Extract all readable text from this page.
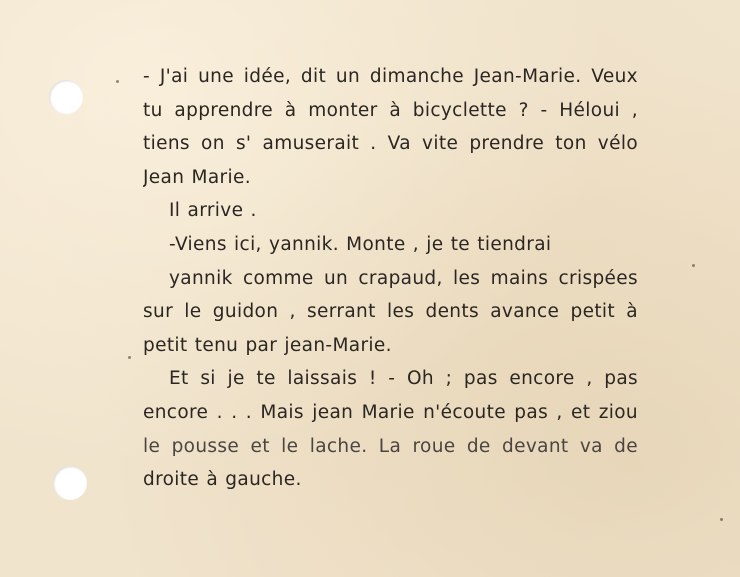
- J'ai une idée, dit un dimanche Jean-Marie. Veux
tu apprendre à monter à bicyclette ? - Héloui ,
tiens on s' amuserait . Va vite prendre ton vélo
Jean Marie.
Il arrive .
-Viens ici, yannik. Monte , je te tiendrai
yannik comme un crapaud, les mains crispées
sur le guidon , serrant les dents avance petit à
petit tenu par jean-Marie.
Et si je te laissais ! - Oh ; pas encore , pas
encore . . . Mais jean Marie n'écoute pas , et ziou
le pousse et le lache. La roue de devant va de
droite à gauche.
